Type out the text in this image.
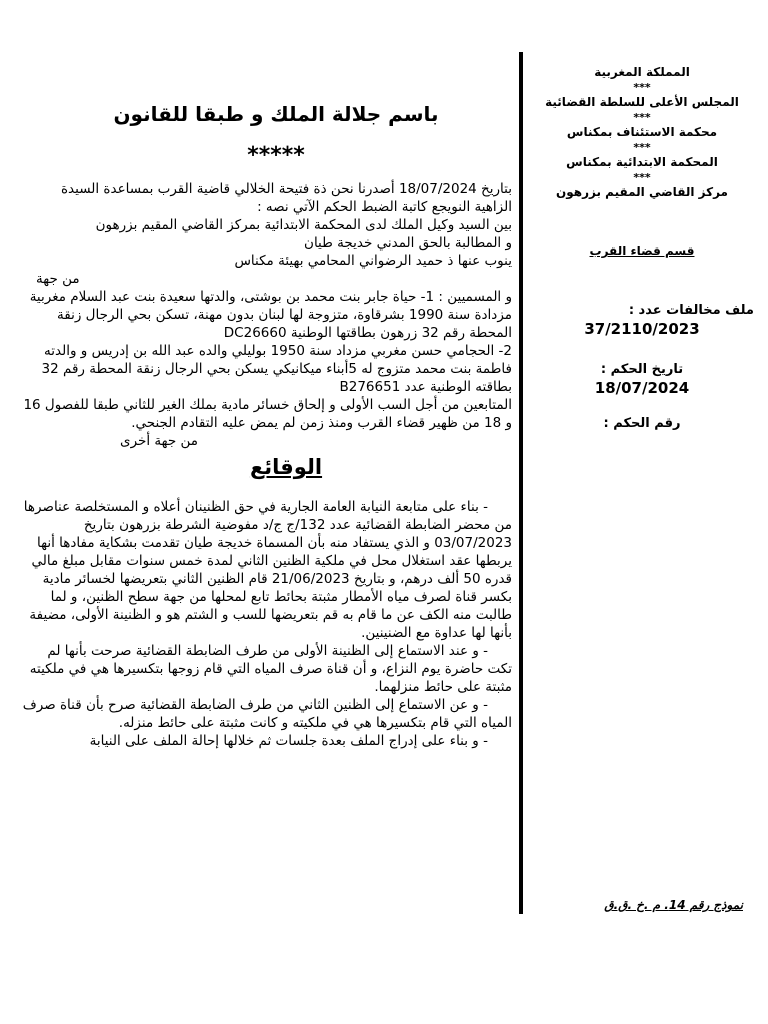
المملكة المغربية
***
المجلس الأعلى للسلطة القضائية
***
محكمة الاستئناف بمكناس
***
المحكمة الابتدائية بمكناس
***
مركز القاضي المقيم بزرهون
قسم قضاء القرب
ملف مخالفات عدد :
37/2110/2023
تاريخ الحكم :
18/07/2024
رقم الحكم :
نموذج رقم 14. م .خ .ق.ق
باسم جلالة الملك و طبقا للقانون
*****

بتاريخ 18/07/2024 أصدرنا نحن ذة فتيحة الخلالي قاضية القرب بمساعدة السيدة الزاهية النويجع كاتبة الضبط الحكم الآتي نصه :

بين السيد وكيل الملك لدى المحكمة الابتدائية بمركز القاضي المقيم بزرهون

و المطالبة بالحق المدني خديجة طيان

ينوب عنها ذ حميد الرضواني المحامي بهيئة مكناس

من جهة

و المسميين : 1- حياة جابر بنت محمد بن بوشتى، والدتها سعيدة بنت عبد السلام مغربية مزدادة سنة 1990 بشرقاوة، متزوجة لها لبنان بدون مهنة، تسكن بحي الرجال زنقة المحطة رقم 32 زرهون بطاقتها الوطنية DC26660

2- الحجامي حسن مغربي مزداد سنة 1950 بوليلي والده عبد الله بن إدريس و والدته فاطمة بنت محمد متزوج له 5أبناء ميكانيكي يسكن بحي الرجال زنقة المحطة رقم 32 بطاقته الوطنية عدد B276651

المتابعين من أجل السب الأولى و إلحاق خسائر مادية بملك الغير للثاني طبقا للفصول 16 و 18 من ظهير قضاء القرب ومنذ زمن لم يمض عليه التقادم الجنحي.

من جهة أخرى

الوقائع

- بناء على متابعة النيابة العامة الجارية في حق الظنينان أعلاه و المستخلصة عناصرها من محضر الضابطة القضائية عدد 132/ج ج/د مفوضية الشرطة بزرهون بتاريخ 03/07/2023 و الذي يستفاد منه بأن المسماة خديجة طيان تقدمت بشكاية مفادها أنها يربطها عقد استغلال محل في ملكية الظنين الثاني لمدة خمس سنوات مقابل مبلغ مالي قدره 50 ألف درهم، و بتاريخ 21/06/2023 قام الظنين الثاني بتعريضها لخسائر مادية بكسر قناة لصرف مياه الأمطار مثبتة بحائط تابع لمحلها من جهة سطح الظنين، و لما طالبت منه الكف عن ما قام به قم بتعريضها للسب و الشتم هو و الظنينة الأولى، مضيفة بأنها لها عداوة مع الضنينين.

- و عند الاستماع إلى الظنينة الأولى من طرف الضابطة القضائية صرحت بأنها لم تكت حاضرة يوم النزاع، و أن قناة صرف المياه التي قام زوجها بتكسيرها هي في ملكيته مثبتة على حائط منزلهما.

- و عن الاستماع إلى الظنين الثاني من طرف الضابطة القضائية صرح بأن قناة صرف المياه التي قام بتكسيرها هي في ملكيته و كانت مثبتة على حائط منزله.

- و بناء على إدراج الملف بعدة جلسات ثم خلالها إحالة الملف على النيابة
